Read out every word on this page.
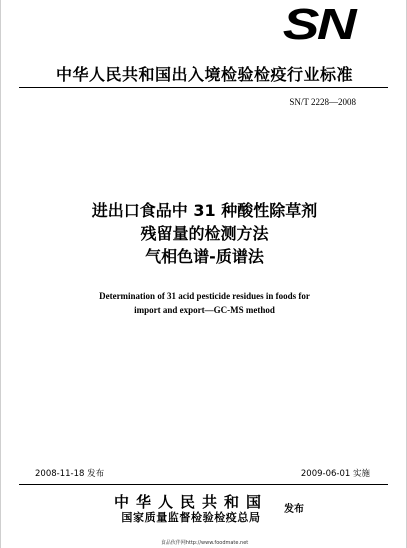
SN
中华人民共和国出入境检验检疫行业标准
SN/T 2228—2008
进出口食品中 31 种酸性除草剂
残留量的检测方法
气相色谱-质谱法
Determination of 31 acid pesticide residues in foods for
import and export—GC-MS method
2008-11-18 发布	2009-06-01 实施
中华人民共和国
国家质量监督检验检疫总局
发布
食品伙伴网http://www.foodmate.net
